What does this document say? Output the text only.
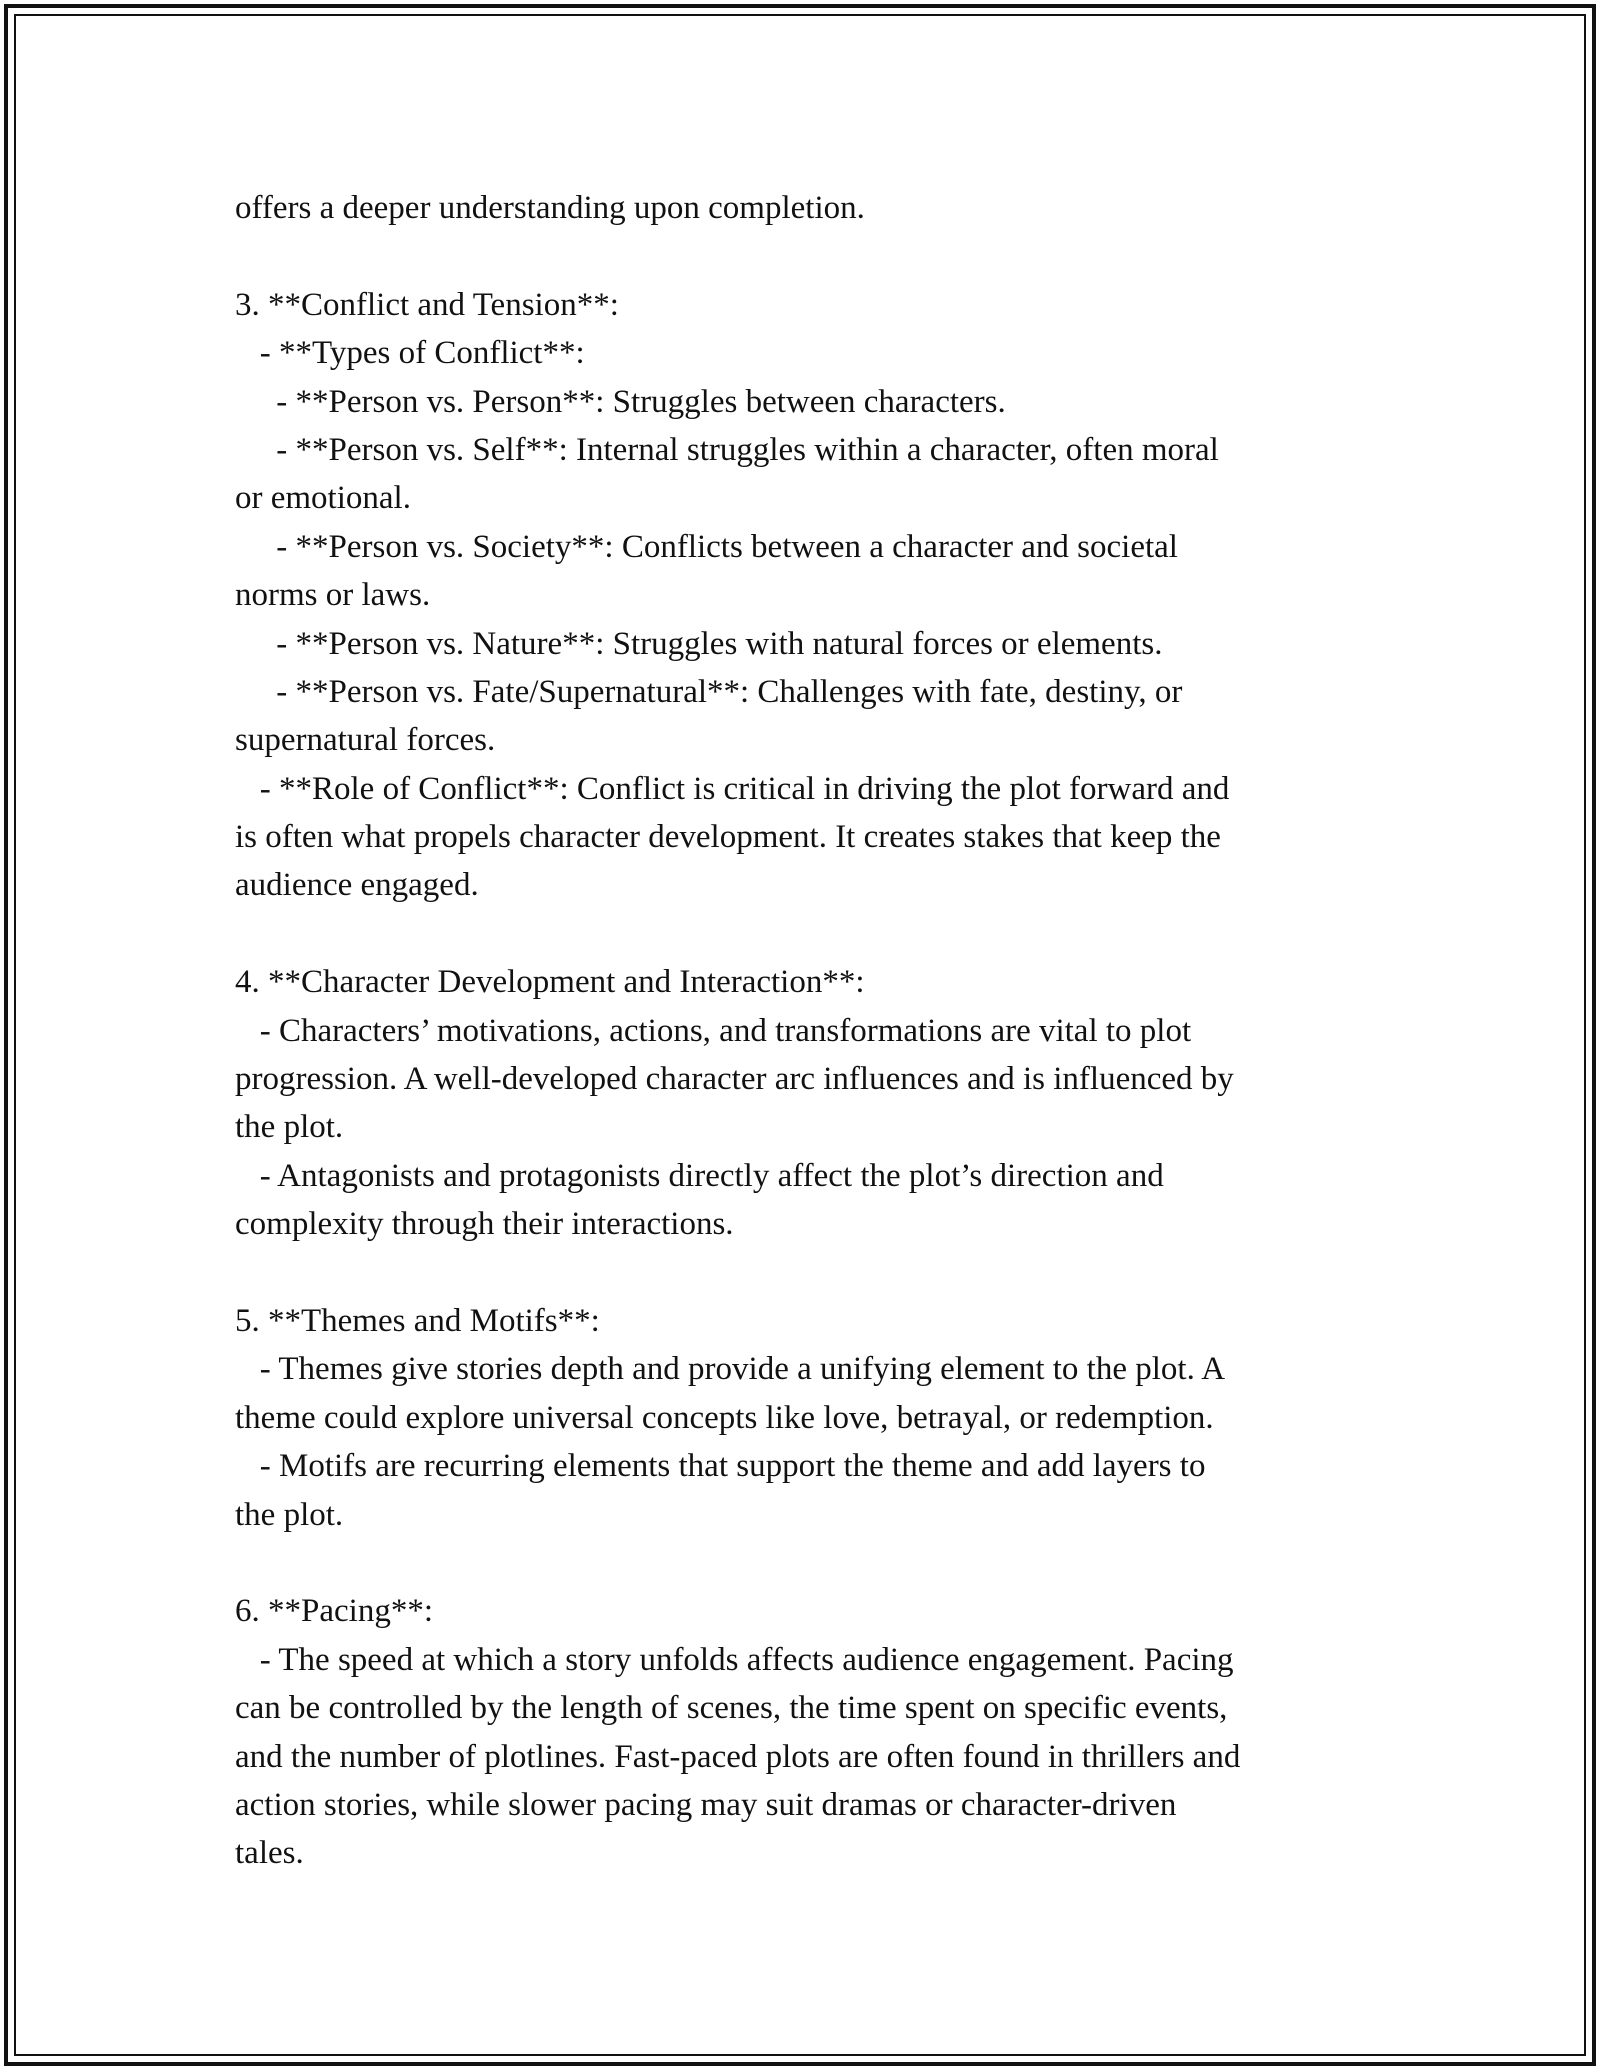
offers a deeper understanding upon completion.
3. **Conflict and Tension**:
- **Types of Conflict**:
- **Person vs. Person**: Struggles between characters.
- **Person vs. Self**: Internal struggles within a character, often moral
or emotional.
- **Person vs. Society**: Conflicts between a character and societal
norms or laws.
- **Person vs. Nature**: Struggles with natural forces or elements.
- **Person vs. Fate/Supernatural**: Challenges with fate, destiny, or
supernatural forces.
- **Role of Conflict**: Conflict is critical in driving the plot forward and
is often what propels character development. It creates stakes that keep the
audience engaged.
4. **Character Development and Interaction**:
- Characters’ motivations, actions, and transformations are vital to plot
progression. A well-developed character arc influences and is influenced by
the plot.
- Antagonists and protagonists directly affect the plot’s direction and
complexity through their interactions.
5. **Themes and Motifs**:
- Themes give stories depth and provide a unifying element to the plot. A
theme could explore universal concepts like love, betrayal, or redemption.
- Motifs are recurring elements that support the theme and add layers to
the plot.
6. **Pacing**:
- The speed at which a story unfolds affects audience engagement. Pacing
can be controlled by the length of scenes, the time spent on specific events,
and the number of plotlines. Fast-paced plots are often found in thrillers and
action stories, while slower pacing may suit dramas or character-driven
tales.
